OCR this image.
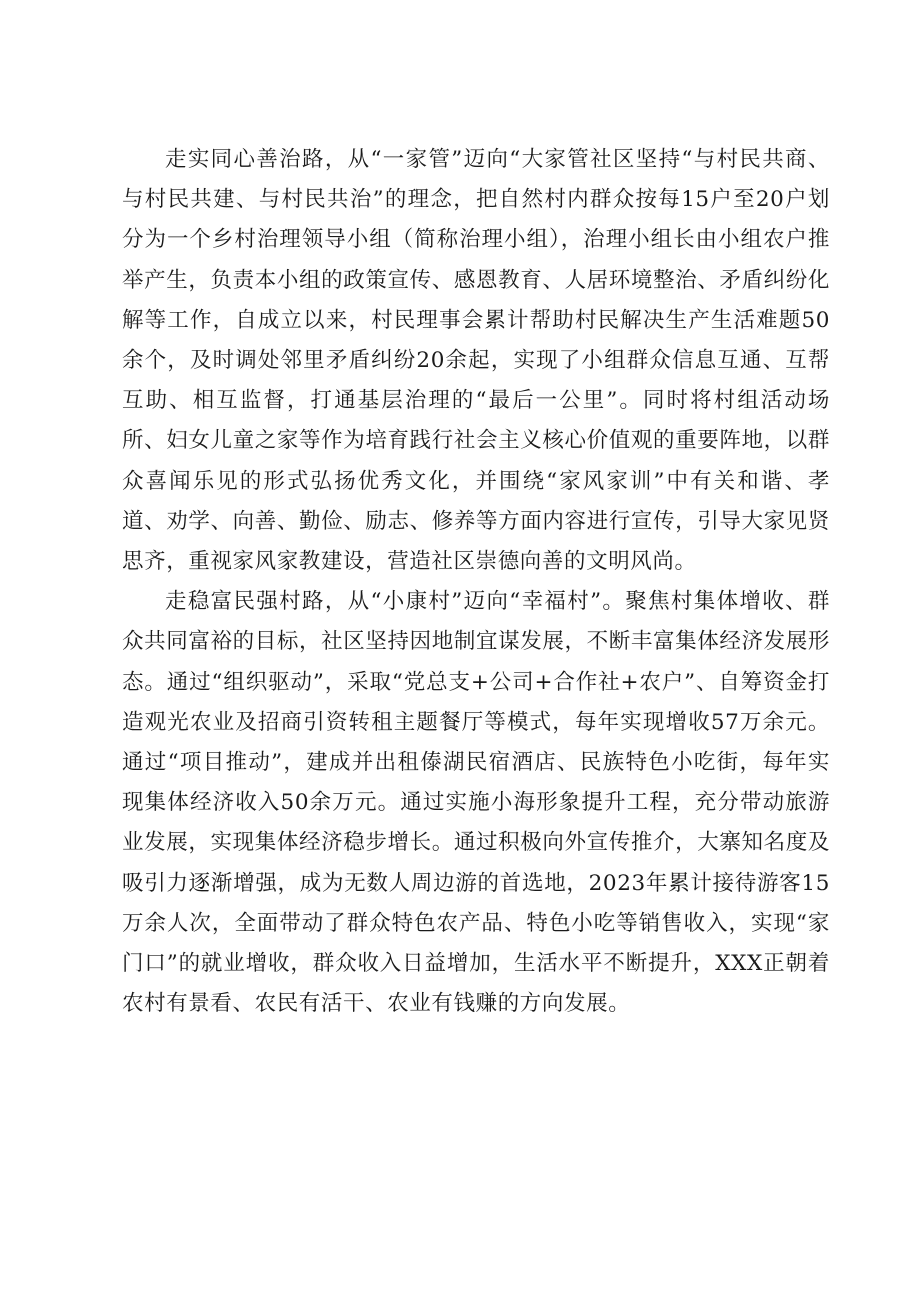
走实同心善治路，从“一家管”迈向“大家管社区坚持“与村民共商、与村民共建、与村民共治”的理念，把自然村内群众按每15户至20户划分为一个乡村治理领导小组（简称治理小组），治理小组长由小组农户推举产生，负责本小组的政策宣传、感恩教育、人居环境整治、矛盾纠纷化解等工作，自成立以来，村民理事会累计帮助村民解决生产生活难题50余个，及时调处邻里矛盾纠纷20余起，实现了小组群众信息互通、互帮互助、相互监督，打通基层治理的“最后一公里”。同时将村组活动场所、妇女儿童之家等作为培育践行社会主义核心价值观的重要阵地，以群众喜闻乐见的形式弘扬优秀文化，并围绕“家风家训”中有关和谐、孝道、劝学、向善、勤俭、励志、修养等方面内容进行宣传，引导大家见贤思齐，重视家风家教建设，营造社区崇德向善的文明风尚。

走稳富民强村路，从“小康村”迈向“幸福村”。聚焦村集体增收、群众共同富裕的目标，社区坚持因地制宜谋发展，不断丰富集体经济发展形态。通过“组织驱动”，采取“党总支+公司+合作社+农户”、自筹资金打造观光农业及招商引资转租主题餐厅等模式，每年实现增收57万余元。通过“项目推动”，建成并出租傣湖民宿酒店、民族特色小吃街，每年实现集体经济收入50余万元。通过实施小海形象提升工程，充分带动旅游业发展，实现集体经济稳步增长。通过积极向外宣传推介，大寨知名度及吸引力逐渐增强，成为无数人周边游的首选地，2023年累计接待游客15万余人次，全面带动了群众特色农产品、特色小吃等销售收入，实现“家门口”的就业增收，群众收入日益增加，生活水平不断提升，XXX正朝着农村有景看、农民有活干、农业有钱赚的方向发展。
